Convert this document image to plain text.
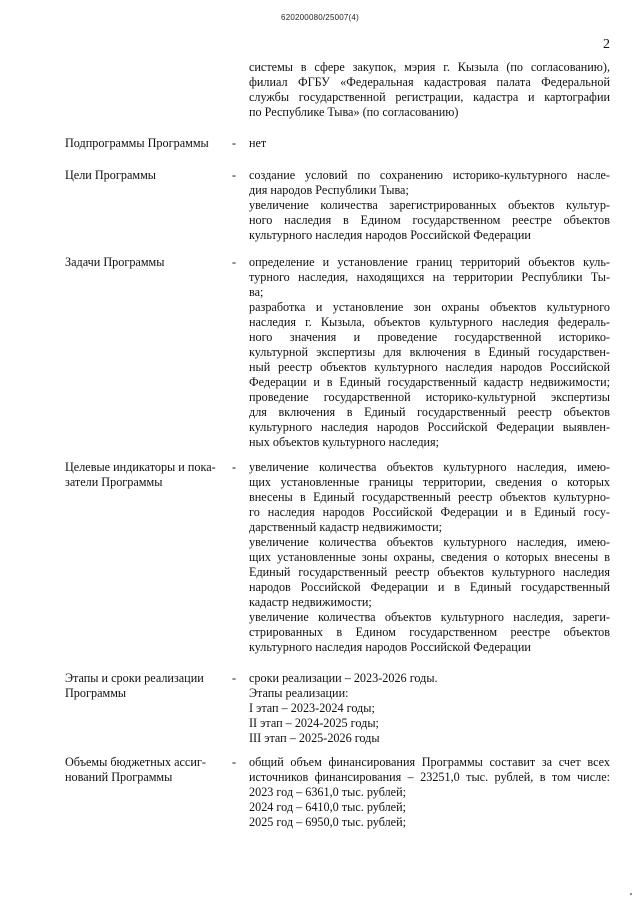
620200080/25007(4)
2
системы в сфере закупок, мэрия г. Кызыла (по согласованию),
филиал ФГБУ «Федеральная кадастровая палата Федеральной
службы государственной регистрации, кадастра и картографии
по Республике Тыва» (по согласованию)
Подпрограммы Программы - нет
Цели Программы	- создание условий по сохранению историко-культурного насле-
дия народов Республики Тыва;
увеличение количества зарегистрированных объектов культур-
ного наследия в Едином государственном реестре объектов
культурного наследия народов Российской Федерации
Задачи Программы	- определение и установление границ территорий объектов куль-
турного наследия, находящихся на территории Республики Ты-
ва;
разработка и установление зон охраны объектов культурного
наследия г. Кызыла, объектов культурного наследия федераль-
ного значения и проведение государственной историко-
культурной экспертизы для включения в Единый государствен-
ный реестр объектов культурного наследия народов Российской
Федерации и в Единый государственный кадастр недвижимости;
проведение государственной историко-культурной экспертизы
для включения в Единый государственный реестр объектов
культурного наследия народов Российской Федерации выявлен-
ных объектов культурного наследия;
Целевые индикаторы и пока-
затели Программы
- увеличение количества объектов культурного наследия, имею-
щих установленные границы территории, сведения о которых
внесены в Единый государственный реестр объектов культурно-
го наследия народов Российской Федерации и в Единый госу-
дарственный кадастр недвижимости;
увеличение количества объектов культурного наследия, имею-
щих установленные зоны охраны, сведения о которых внесены в
Единый государственный реестр объектов культурного наследия
народов Российской Федерации и в Единый государственный
кадастр недвижимости;
увеличение количества объектов культурного наследия, зареги-
стрированных в Едином государственном реестре объектов
культурного наследия народов Российской Федерации
Этапы и сроки реализации
Программы
- сроки реализации – 2023-2026 годы.
Этапы реализации:
I этап – 2023-2024 годы;
II этап – 2024-2025 годы;
III этап – 2025-2026 годы
Объемы бюджетных ассиг-
нований Программы
- общий объем финансирования Программы составит за счет всех
источников финансирования – 23251,0 тыс. рублей, в том числе:
2023 год – 6361,0 тыс. рублей;
2024 год – 6410,0 тыс. рублей;
2025 год – 6950,0 тыс. рублей;
